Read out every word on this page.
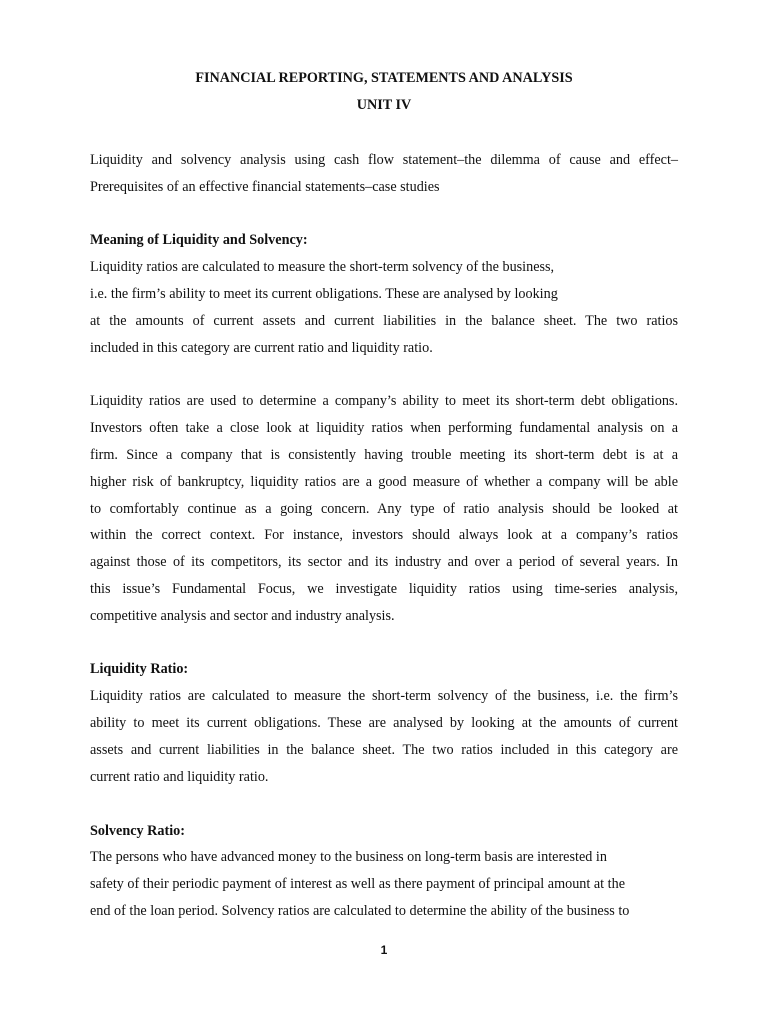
FINANCIAL REPORTING, STATEMENTS AND ANALYSIS
UNIT IV
Liquidity and solvency analysis using cash flow statement–the dilemma of cause and effect–
Prerequisites of an effective financial statements–case studies
Meaning of Liquidity and Solvency:
Liquidity ratios are calculated to measure the short-term solvency of the business,
i.e. the firm’s ability to meet its current obligations. These are analysed by looking
at the amounts of current assets and current liabilities in the balance sheet. The two ratios
included in this category are current ratio and liquidity ratio.
Liquidity ratios are used to determine a company’s ability to meet its short-term debt obligations.
Investors often take a close look at liquidity ratios when performing fundamental analysis on a
firm. Since a company that is consistently having trouble meeting its short-term debt is at a
higher risk of bankruptcy, liquidity ratios are a good measure of whether a company will be able
to comfortably continue as a going concern. Any type of ratio analysis should be looked at
within the correct context. For instance, investors should always look at a company’s ratios
against those of its competitors, its sector and its industry and over a period of several years. In
this issue’s Fundamental Focus, we investigate liquidity ratios using time-series analysis,
competitive analysis and sector and industry analysis.
Liquidity Ratio:
Liquidity ratios are calculated to measure the short-term solvency of the business, i.e. the firm’s
ability to meet its current obligations. These are analysed by looking at the amounts of current
assets and current liabilities in the balance sheet. The two ratios included in this category are
current ratio and liquidity ratio.
Solvency Ratio:
The persons who have advanced money to the business on long-term basis are interested in
safety of their periodic payment of interest as well as there payment of principal amount at the
end of the loan period. Solvency ratios are calculated to determine the ability of the business to
1
